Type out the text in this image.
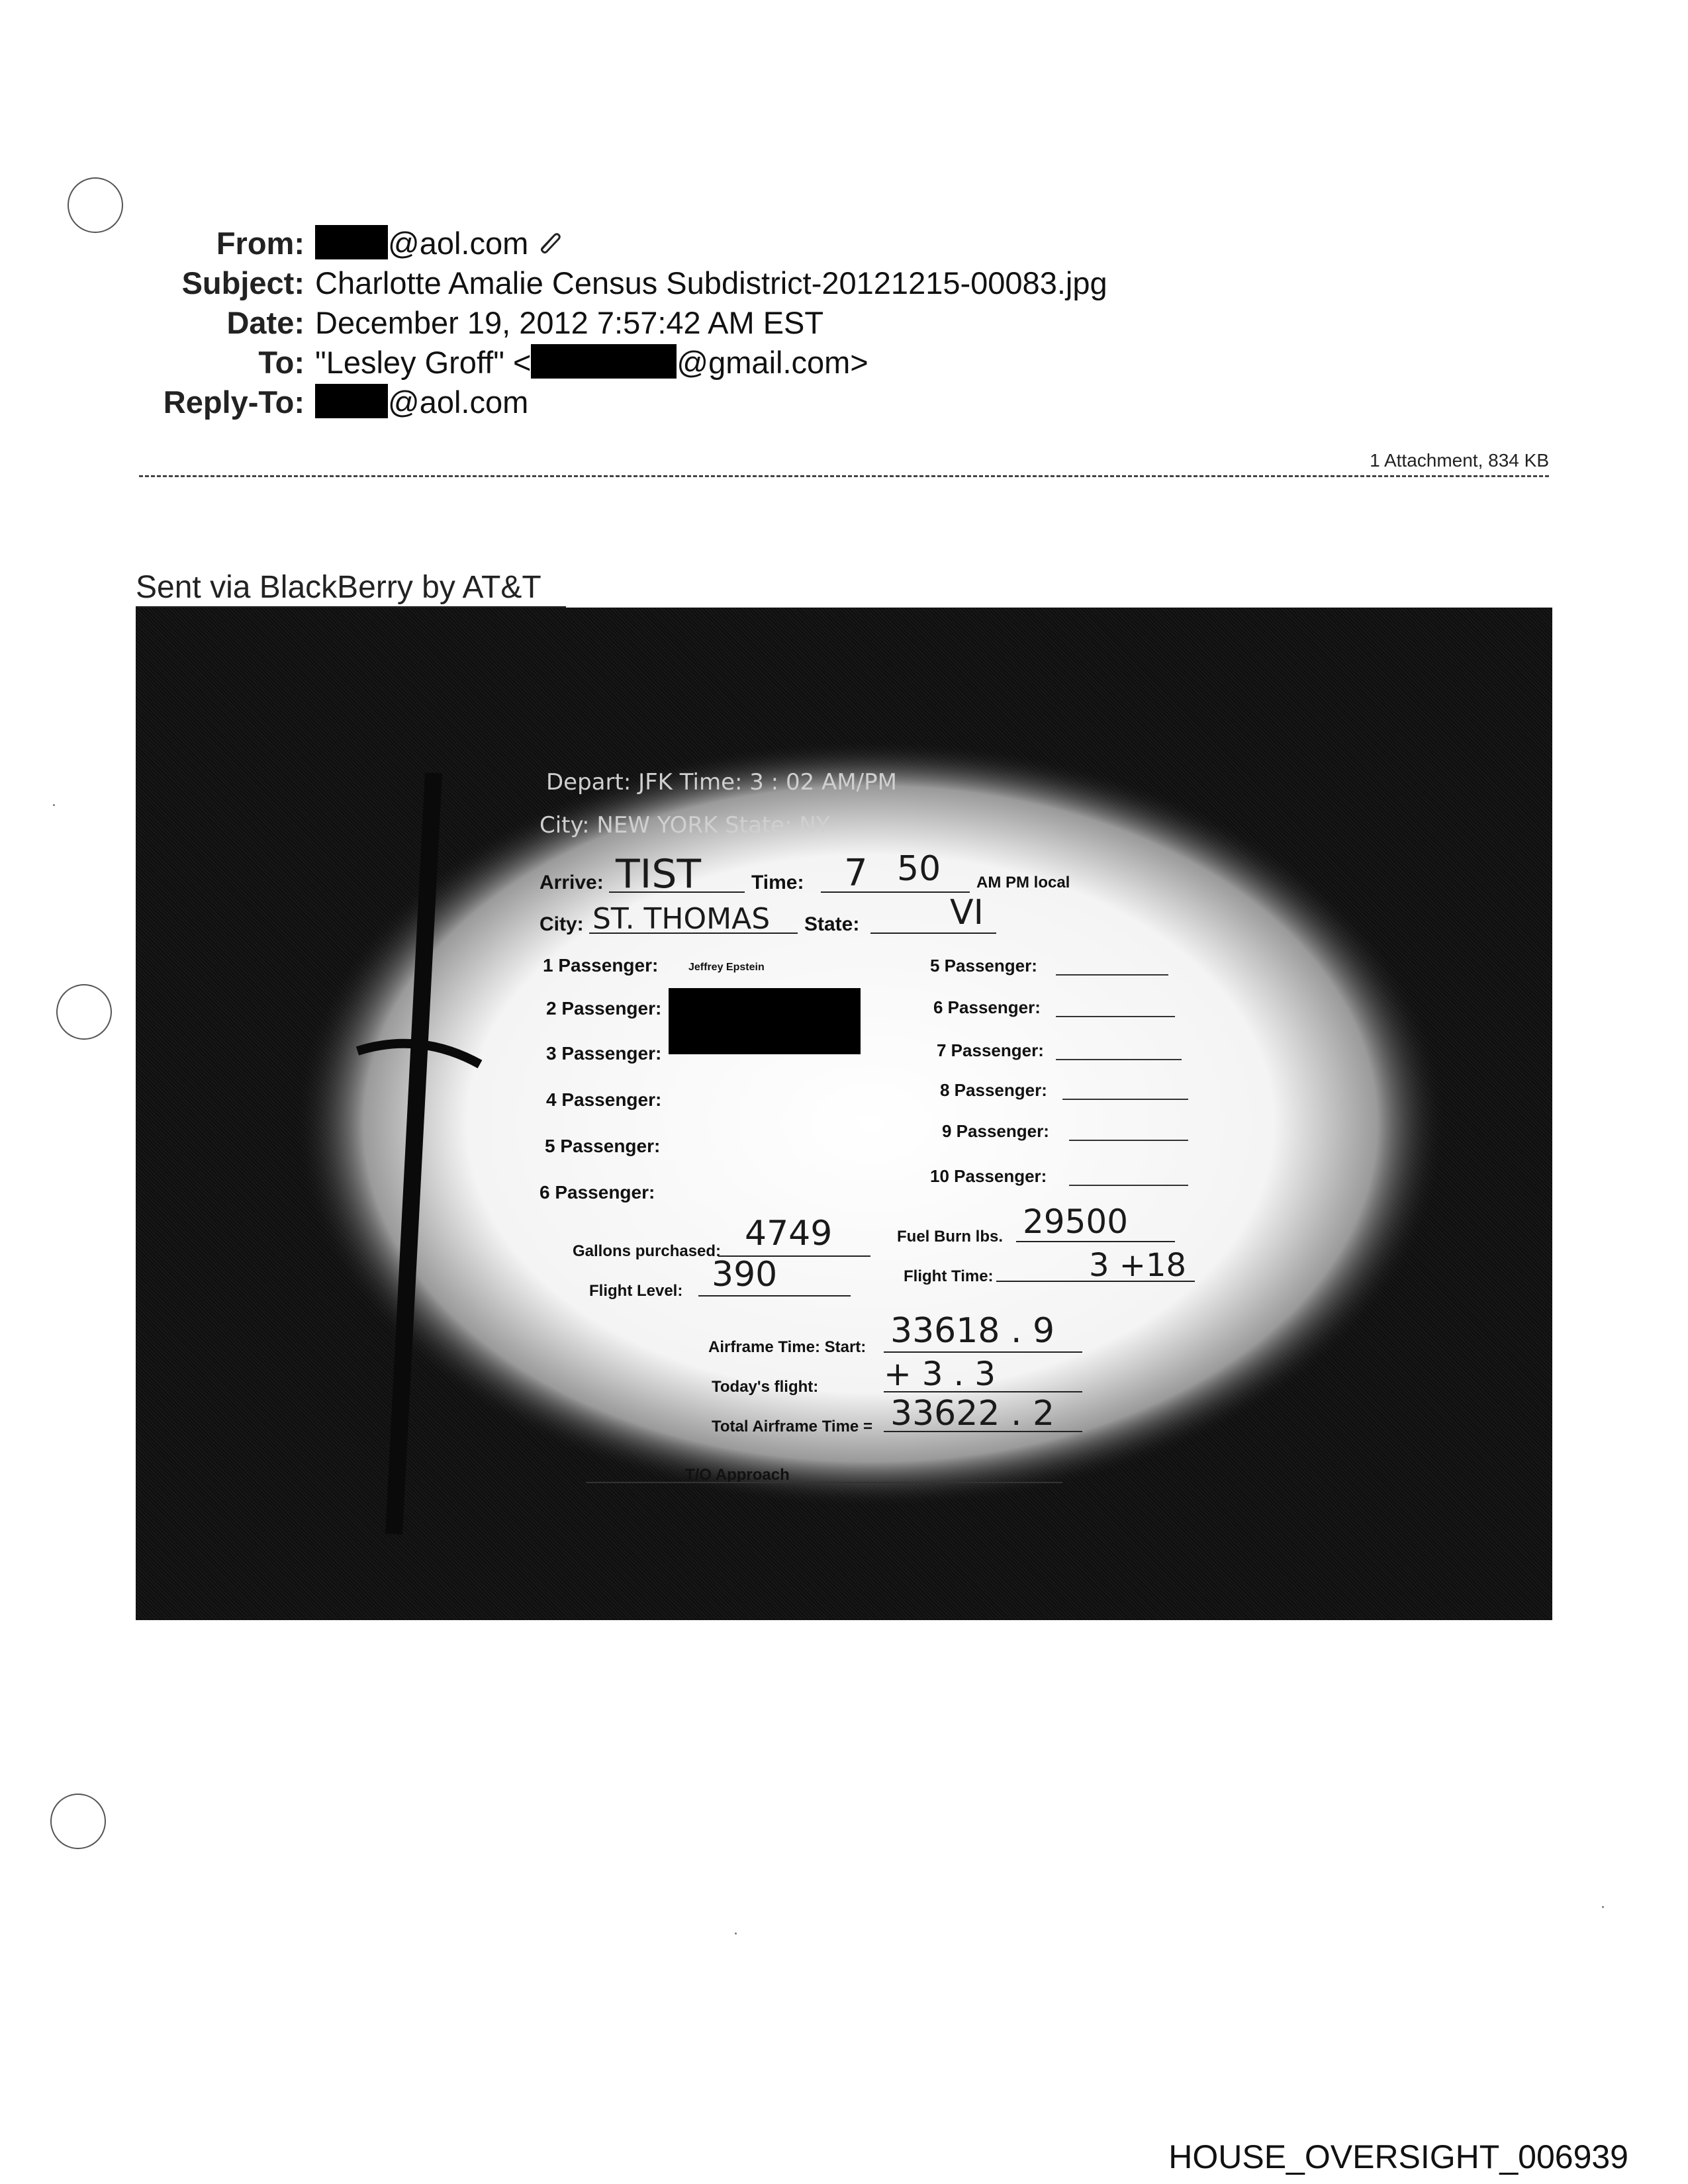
From:	@aol.com
Subject: Charlotte Amalie Census Subdistrict-20121215-00083.jpg
Date: December 19, 2012 7:57:42 AM EST
To: "Lesley Groff" <	@gmail.com>
Reply-To:	@aol.com
1 Attachment, 834 KB
Sent via BlackBerry by AT&T
Depart: JFK Time: 3 : 02 AM/PM
City: NEW YORK State: NY
Arrive: TIST	Time: 7 50 AM PM local
City: ST. THOMAS State:	VI
1 Passenger:	Jeffrey Epstein
2 Passenger:
3 Passenger:
4 Passenger:
5 Passenger:
6 Passenger:
5 Passenger:
6 Passenger:
7 Passenger:
8 Passenger:
9 Passenger:
10 Passenger:
Gallons purchased: 4749	Fuel Burn lbs. 29500
Flight Level: 390	Flight Time:	3 +18
Airframe Time: Start: 33618 . 9
Today's flight: + 3 . 3
Total Airframe Time = 33622 . 2
T/O Approach
HOUSE_OVERSIGHT_006939
